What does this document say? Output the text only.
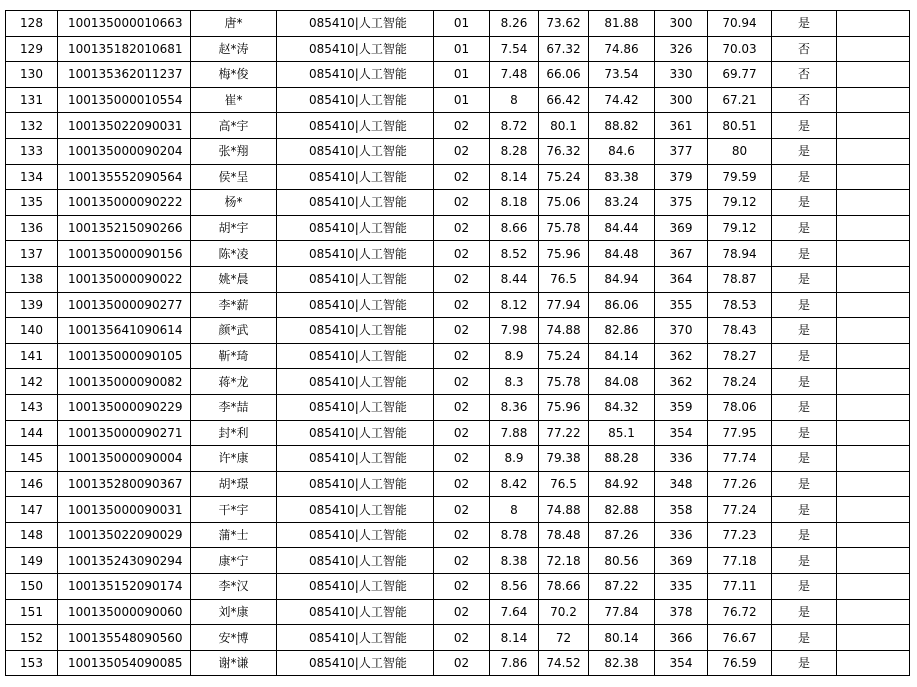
128	100135000010663	唐*	085410|人工智能	01	8.26	73.62	81.88	300	70.94	是	
129	100135182010681	赵*涛	085410|人工智能	01	7.54	67.32	74.86	326	70.03	否	
130	100135362011237	梅*俊	085410|人工智能	01	7.48	66.06	73.54	330	69.77	否	
131	100135000010554	崔*	085410|人工智能	01	8	66.42	74.42	300	67.21	否	
132	100135022090031	高*宇	085410|人工智能	02	8.72	80.1	88.82	361	80.51	是	
133	100135000090204	张*翔	085410|人工智能	02	8.28	76.32	84.6	377	80	是	
134	100135552090564	侯*呈	085410|人工智能	02	8.14	75.24	83.38	379	79.59	是	
135	100135000090222	杨*	085410|人工智能	02	8.18	75.06	83.24	375	79.12	是	
136	100135215090266	胡*宇	085410|人工智能	02	8.66	75.78	84.44	369	79.12	是	
137	100135000090156	陈*凌	085410|人工智能	02	8.52	75.96	84.48	367	78.94	是	
138	100135000090022	姚*晨	085410|人工智能	02	8.44	76.5	84.94	364	78.87	是	
139	100135000090277	李*薪	085410|人工智能	02	8.12	77.94	86.06	355	78.53	是	
140	100135641090614	颜*武	085410|人工智能	02	7.98	74.88	82.86	370	78.43	是	
141	100135000090105	靳*琦	085410|人工智能	02	8.9	75.24	84.14	362	78.27	是	
142	100135000090082	蒋*龙	085410|人工智能	02	8.3	75.78	84.08	362	78.24	是	
143	100135000090229	李*喆	085410|人工智能	02	8.36	75.96	84.32	359	78.06	是	
144	100135000090271	封*利	085410|人工智能	02	7.88	77.22	85.1	354	77.95	是	
145	100135000090004	许*康	085410|人工智能	02	8.9	79.38	88.28	336	77.74	是	
146	100135280090367	胡*璟	085410|人工智能	02	8.42	76.5	84.92	348	77.26	是	
147	100135000090031	干*宇	085410|人工智能	02	8	74.88	82.88	358	77.24	是	
148	100135022090029	蒲*士	085410|人工智能	02	8.78	78.48	87.26	336	77.23	是	
149	100135243090294	康*宁	085410|人工智能	02	8.38	72.18	80.56	369	77.18	是	
150	100135152090174	李*汉	085410|人工智能	02	8.56	78.66	87.22	335	77.11	是	
151	100135000090060	刘*康	085410|人工智能	02	7.64	70.2	77.84	378	76.72	是	
152	100135548090560	安*博	085410|人工智能	02	8.14	72	80.14	366	76.67	是	
153	100135054090085	谢*谦	085410|人工智能	02	7.86	74.52	82.38	354	76.59	是	
